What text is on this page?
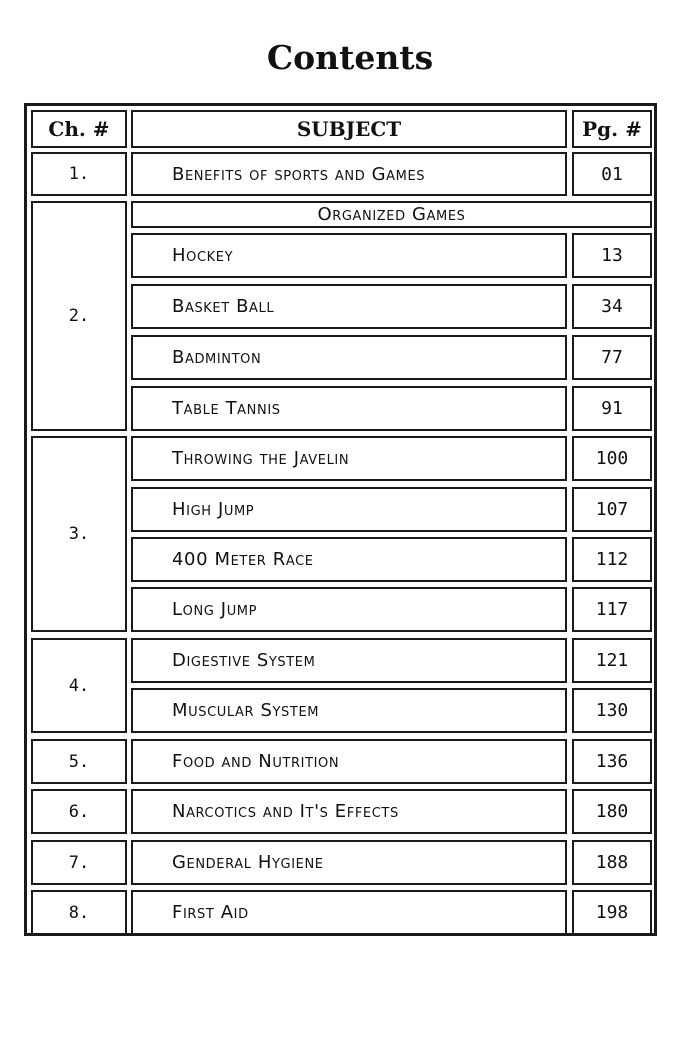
Contents
Ch. #	SUBJECT	Pg. #
1.	Benefits of sports and Games	01
2.
Organized Games
Hockey	13
Basket Ball	34
Badminton	77
Table Tannis	91
3.
Throwing the Javelin	100
High Jump	107
400 Meter Race	112
Long Jump	117
4.
Digestive System	121
Muscular System	130
5.	Food and Nutrition	136
6.	Narcotics and It's Effects	180
7.	Genderal Hygiene	188
8.	First Aid	198
